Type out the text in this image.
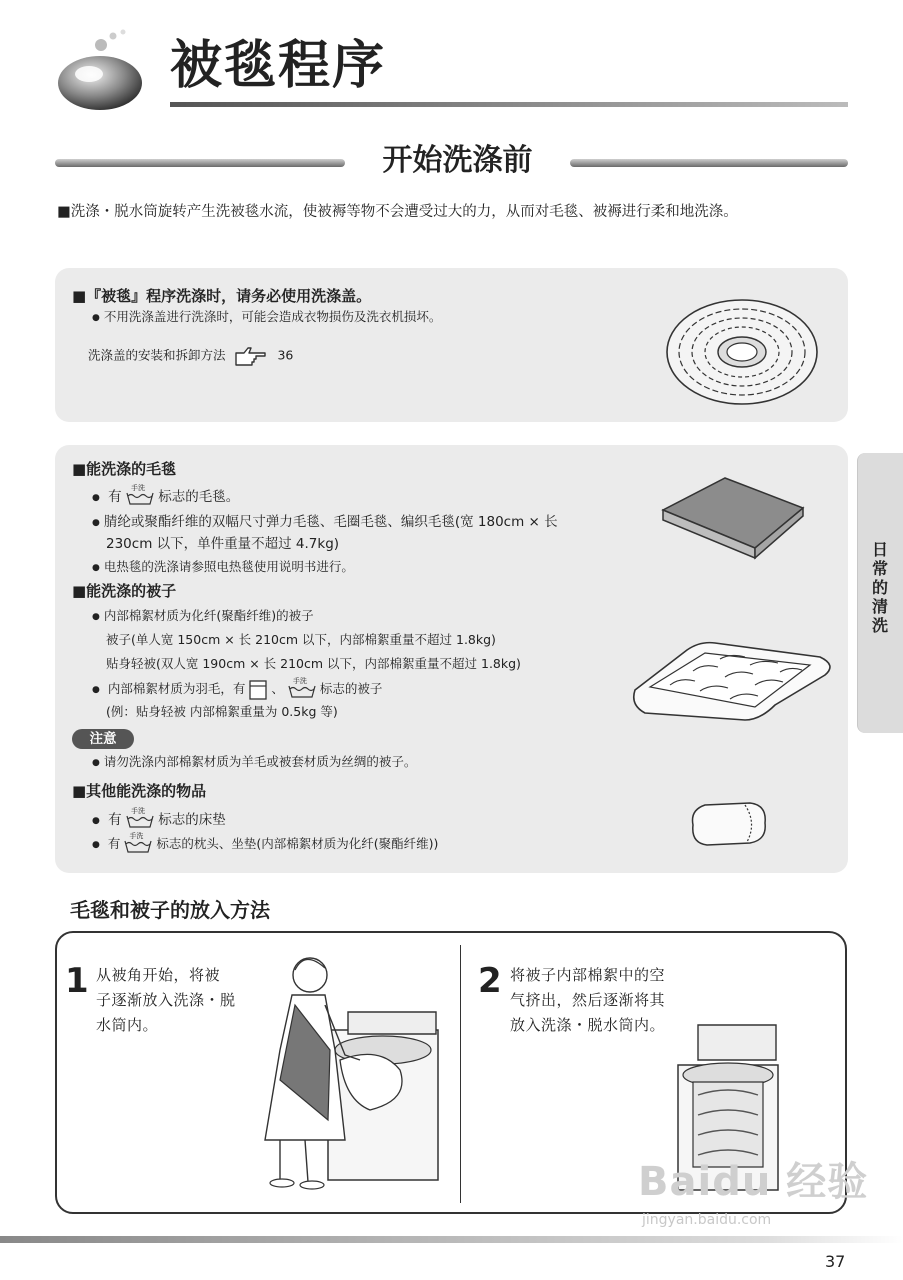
被毯程序
开始洗涤前
■洗涤・脱水筒旋转产生洗被毯水流，使被褥等物不会遭受过大的力，从而对毛毯、被褥进行柔和地洗涤。
■『被毯』程序洗涤时，请务必使用洗涤盖。
● 不用洗涤盖进行洗涤时，可能会造成衣物损伤及洗衣机损坏。
洗涤盖的安装和拆卸方法	36
■能洗涤的毛毯
● 有
手洗
标志的毛毯。
● 腈纶或聚酯纤维的双幅尺寸弹力毛毯、毛圈毛毯、编织毛毯(宽 180cm × 长
230cm 以下，单件重量不超过 4.7kg)
● 电热毯的洗涤请参照电热毯使用说明书进行。
■能洗涤的被子
● 内部棉絮材质为化纤(聚酯纤维)的被子
被子(单人宽 150cm × 长 210cm 以下，内部棉絮重量不超过 1.8kg)
贴身轻被(双人宽 190cm × 长 210cm 以下，内部棉絮重量不超过 1.8kg)
● 内部棉絮材质为羽毛，有 、
手洗
标志的被子
(例：贴身轻被 内部棉絮重量为 0.5kg 等)
注意
● 请勿洗涤内部棉絮材质为羊毛或被套材质为丝绸的被子。
■其他能洗涤的物品
● 有
手洗
标志的床垫
● 有
手洗
标志的枕头、坐垫(内部棉絮材质为化纤(聚酯纤维))
日常的清洗
毛毯和被子的放入方法
1 从被角开始，将被
子逐渐放入洗涤・脱
水筒内。
2 将被子内部棉絮中的空
气挤出，然后逐渐将其
放入洗涤・脱水筒内。
Baidu 经验
jingyan.baidu.com
37
